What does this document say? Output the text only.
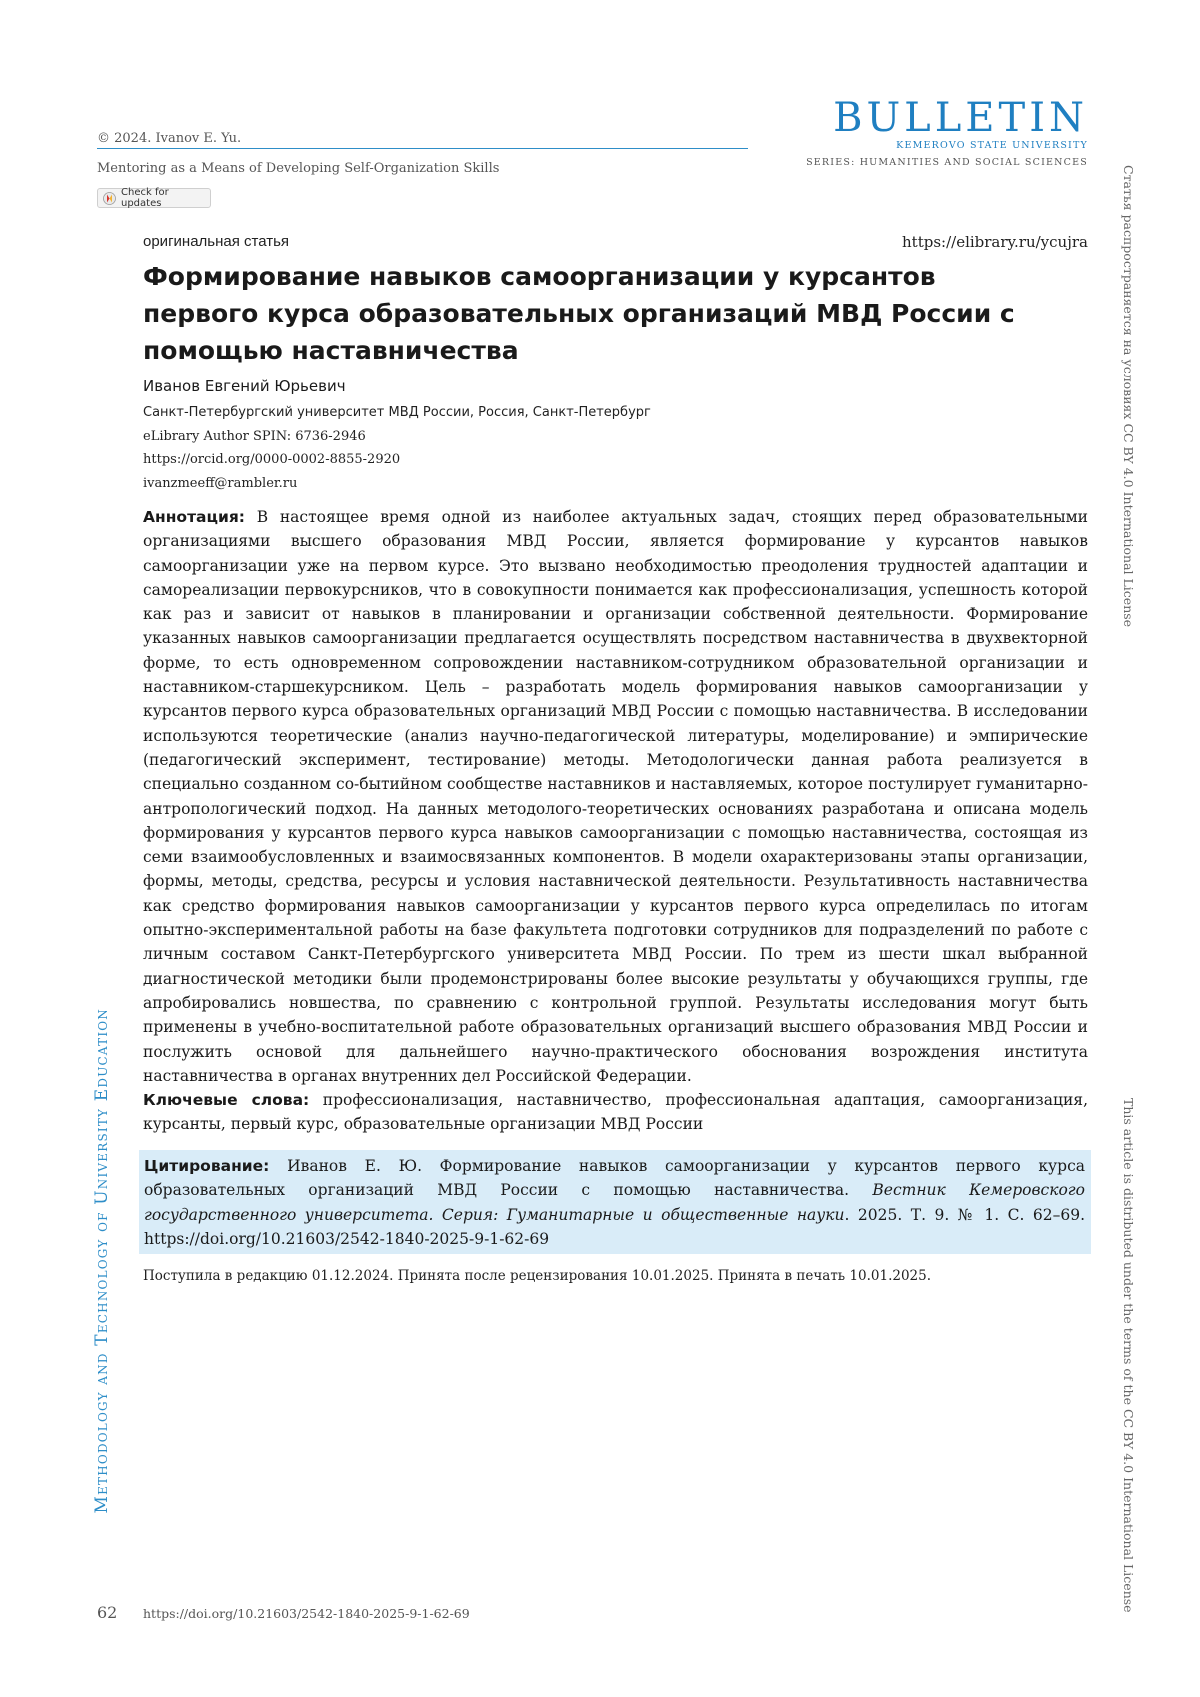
© 2024. Ivanov E. Yu.
Mentoring as a Means of Developing Self-Organization Skills
Check for updates
BULLETIN
KEMEROVO STATE UNIVERSITY
SERIES: HUMANITIES AND SOCIAL SCIENCES
Статья распространяется на условиях CC BY 4.0 International License
This article is distributed under the terms of the CC BY 4.0 International License
Methodology and Technology of University Education
оригинальная статья	https://elibrary.ru/ycujra
Формирование навыков самоорганизации у курсантов первого курса образовательных организаций МВД России с помощью наставничества
Иванов Евгений Юрьевич
Санкт-Петербургский университет МВД России, Россия, Санкт-Петербург
eLibrary Author SPIN: 6736-2946
https://orcid.org/0000-0002-8855-2920
ivanzmeeff@rambler.ru

Аннотация: В настоящее время одной из наиболее актуальных задач, стоящих перед образовательными организациями высшего образования МВД России, является формирование у курсантов навыков самоорганизации уже на первом курсе. Это вызвано необходимостью преодоления трудностей адаптации и самореализации первокурсников, что в совокупности понимается как профессионализация, успешность которой как раз и зависит от навыков в планировании и организации собственной деятельности. Формирование указанных навыков самоорганизации предлагается осуществлять посредством наставничества в двухвекторной форме, то есть одновременном сопровождении наставником-сотрудником образовательной организации и наставником-старшекурсником. Цель – разработать модель формирования навыков самоорганизации у курсантов первого курса образовательных организаций МВД России с помощью наставничества. В исследовании используются теоретические (анализ научно-педагогической литературы, моделирование) и эмпирические (педагогический эксперимент, тестирование) методы. Методологически данная работа реализуется в специально созданном со-бытийном сообществе наставников и наставляемых, которое постулирует гуманитарно-антропологический подход. На данных методолого-теоретических основаниях разработана и описана модель формирования у курсантов первого курса навыков самоорганизации с помощью наставничества, состоящая из семи взаимообусловленных и взаимосвязанных компонентов. В модели охарактеризованы этапы организации, формы, методы, средства, ресурсы и условия наставнической деятельности. Результативность наставничества как средство формирования навыков самоорганизации у курсантов первого курса определилась по итогам опытно-экспериментальной работы на базе факультета подготовки сотрудников для подразделений по работе с личным составом Санкт-Петербургского университета МВД России. По трем из шести шкал выбранной диагностической методики были продемонстрированы более высокие результаты у обучающихся группы, где апробировались новшества, по сравнению с контрольной группой. Результаты исследования могут быть применены в учебно-воспитательной работе образовательных организаций высшего образования МВД России и послужить основой для дальнейшего научно-практического обоснования возрождения института наставничества в органах внутренних дел Российской Федерации.
Ключевые слова: профессионализация, наставничество, профессиональная адаптация, самоорганизация, курсанты, первый курс, образовательные организации МВД России

Цитирование: Иванов Е. Ю. Формирование навыков самоорганизации у курсантов первого курса образовательных организаций МВД России с помощью наставничества. Вестник Кемеровского государственного университета. Серия: Гуманитарные и общественные науки. 2025. Т. 9. № 1. С. 62–69. https://doi.org/10.21603/2542-1840-2025-9-1-62-69
Поступила в редакцию 01.12.2024. Принята после рецензирования 10.01.2025. Принята в печать 10.01.2025.
62 https://doi.org/10.21603/2542-1840-2025-9-1-62-69
